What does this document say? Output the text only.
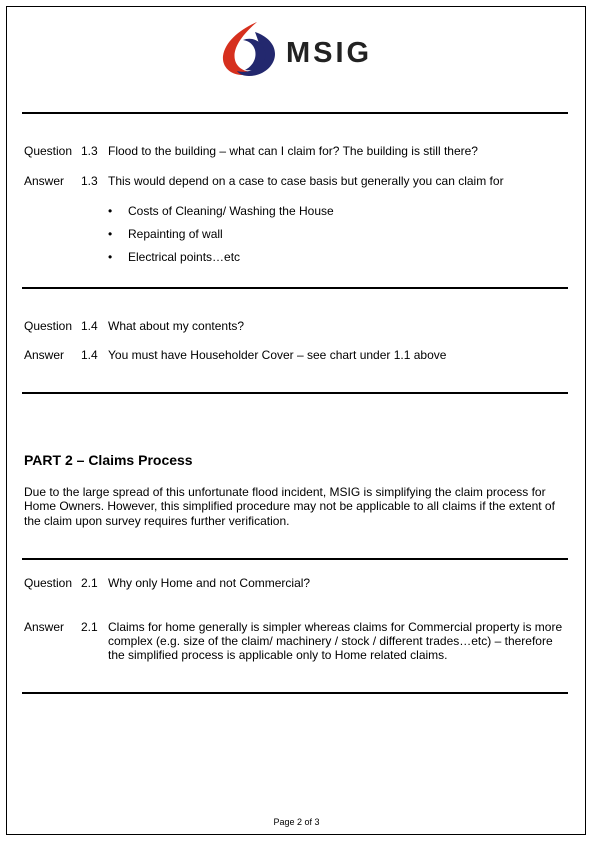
MSIG
Question 1.3 Flood to the building – what can I claim for? The building is still there?
Answer 1.3 This would depend on a case to case basis but generally you can claim for
• Costs of Cleaning/ Washing the House
• Repainting of wall
• Electrical points…etc
Question 1.4 What about my contents?
Answer 1.4 You must have Householder Cover – see chart under 1.1 above
PART 2 – Claims Process
Due to the large spread of this unfortunate flood incident, MSIG is simplifying the claim process for Home Owners. However, this simplified procedure may not be applicable to all claims if the extent of the claim upon survey requires further verification.
Question 2.1 Why only Home and not Commercial?
Answer 2.1 Claims for home generally is simpler whereas claims for Commercial property is more complex (e.g. size of the claim/ machinery / stock / different trades…etc) – therefore the simplified process is applicable only to Home related claims.
Page 2 of 3
